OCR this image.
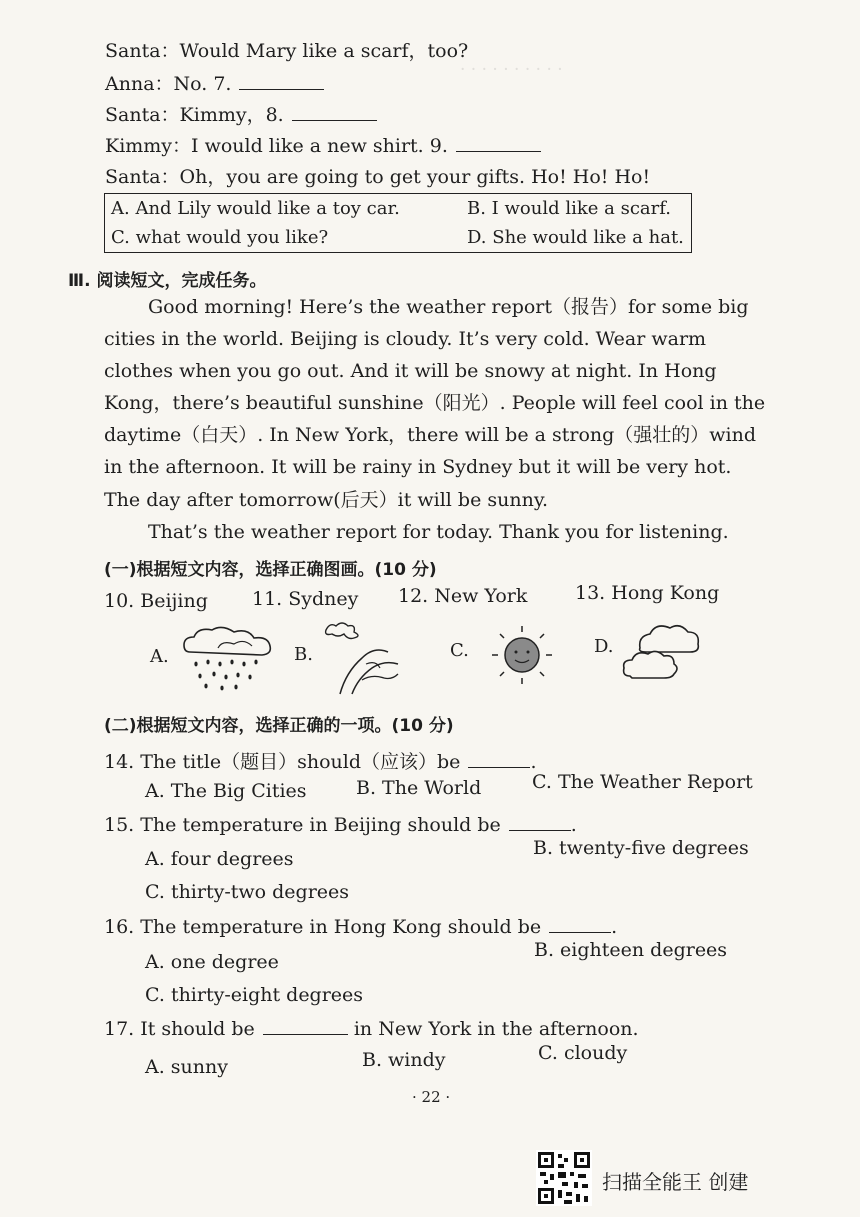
· · · · · · · · · ·
Santa：Would Mary like a scarf，too?
Anna：No. 7.
Santa：Kimmy，8.
Kimmy：I would like a new shirt. 9.
Santa：Oh，you are going to get your gifts. Ho! Ho! Ho!
A. And Lily would like a toy car.	B. I would like a scarf.
C. what would you like?	D. She would like a hat.
Ⅲ. 阅读短文，完成任务。
Good morning! Here’s the weather report（报告）for some big
cities in the world. Beijing is cloudy. It’s very cold. Wear warm
clothes when you go out. And it will be snowy at night. In Hong
Kong，there’s beautiful sunshine（阳光）. People will feel cool in the
daytime（白天）. In New York，there will be a strong（强壮的）wind
in the afternoon. It will be rainy in Sydney but it will be very hot.
The day after tomorrow(后天）it will be sunny.
That’s the weather report for today. Thank you for listening.
(一)根据短文内容，选择正确图画。(10 分)
10. Beijing 11. Sydney 12. New York	13. Hong Kong
A.	B.	C.	D.
(二)根据短文内容，选择正确的一项。(10 分)
14. The title（题目）should（应该）be	.
A. The Big Cities	B. The World	C. The Weather Report
15. The temperature in Beijing should be	.
A. four degrees	B. twenty-five degrees
C. thirty-two degrees
16. The temperature in Hong Kong should be	.
A. one degree
B. eighteen degrees
C. thirty-eight degrees
17. It should be	in New York in the afternoon.
A. sunny	B. windy	C. cloudy
· 22 ·
扫描全能王 创建
